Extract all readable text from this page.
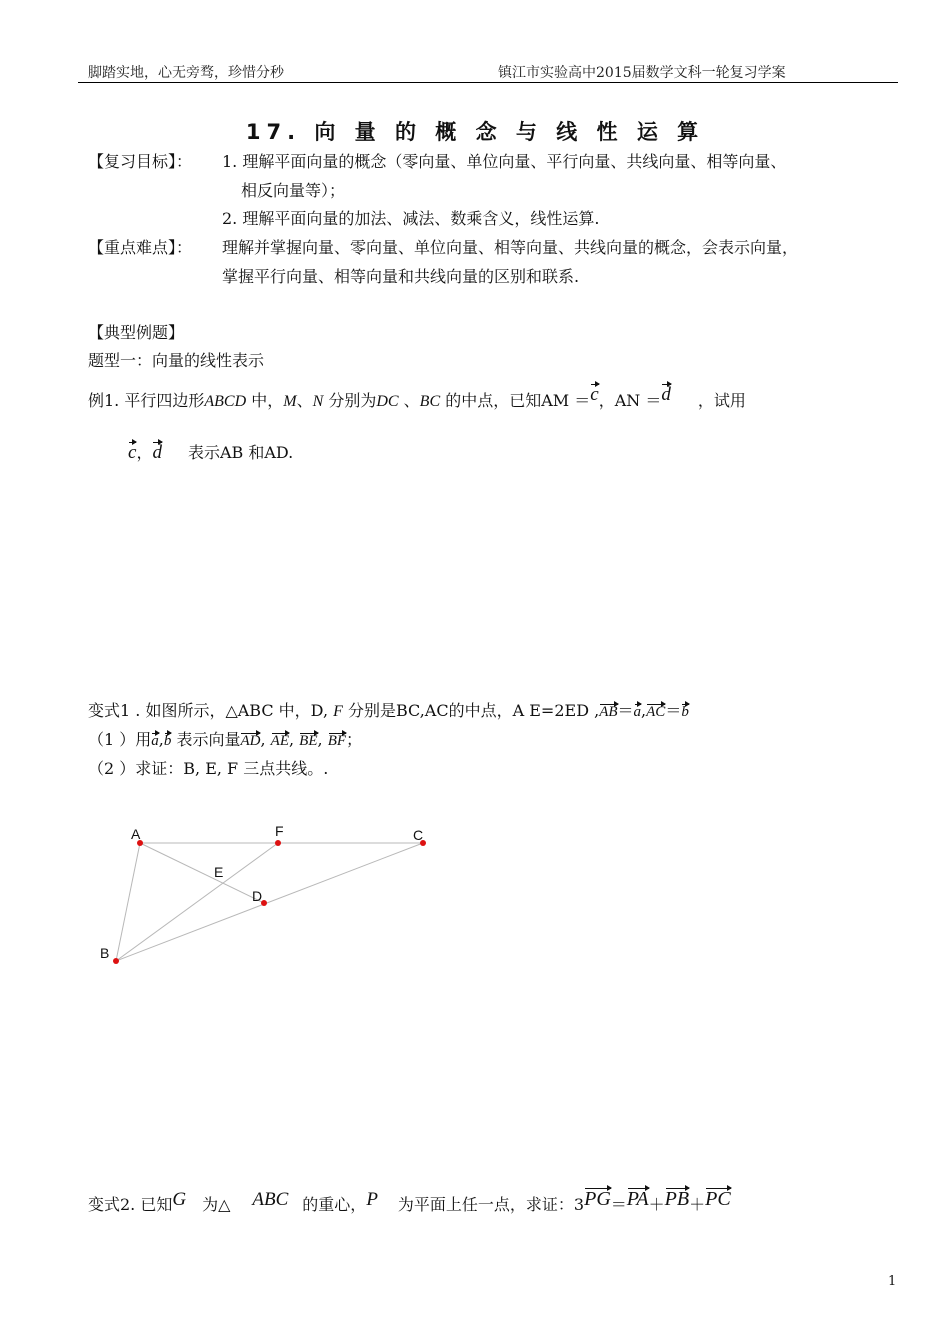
脚踏实地，心无旁骛，珍惜分秒	镇江市实验高中2015届数学文科一轮复习学案
17. 向 量 的 概 念 与 线 性 运 算
【复习目标】： 1. 理解平面向量的概念（零向量、单位向量、平行向量、共线向量、相等向量、
相反向量等）；
2. 理解平面向量的加法、减法、数乘含义，线性运算.
【重点难点】： 理解并掌握向量、零向量、单位向量、相等向量、共线向量的概念，会表示向量，
掌握平行向量、相等向量和共线向量的区别和联系.
【典型例题】
题型一：向量的线性表示
例1. 平行四边形ABCD 中，M、N 分别为DC 、BC 的中点，已知AM ＝c，AN ＝d ，试用
c，d 表示AB 和AD.
变式1 . 如图所示，△ABC 中，D, F 分别是BC,AC的中点，A E=2ED ,AB＝a,AC＝b
（1 ）用a,b 表示向量AD, AE, BE, BF；
（2 ）求证：B, E, F 三点共线。.
A	F	C
E
D
B
变式2. 已知G 为△ ABC 的重心，P 为平面上任一点，求证：3PG＝PA＋PB＋PC
1
